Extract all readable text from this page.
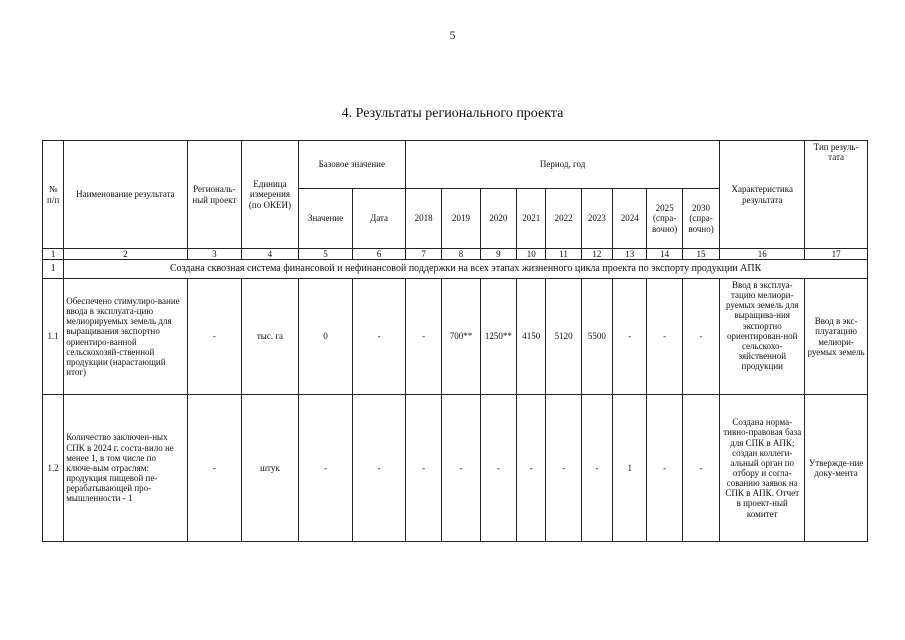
5
4. Результаты регионального проекта
№ п/п	Наименование результата	Региональ-ный проект	Единица измерения (по ОКЕИ)	Базовое значение		Период, год									Характеристика результата	Тип резуль-тата
				Значение	Дата	2018	2019	2020	2021	2022	2023	2024	2025 (спра-вочно)	2030 (спра-вочно)		
1	2	3	4	5	6	7	8	9	10	11	12	13	14	15	16	17
1	Создана сквозная система финансовой и нефинансовой поддержки на всех этапах жизненного цикла проекта по экспорту продукции АПК															
1.1	Обеспечено стимулиро-вание ввода в эксплуата-цию мелиорируемых земель для выращивания экспортно ориентиро-ванной сельскохозяй-ственной продукции (нарастающий итог)	-	тыс. га	0	-	-	700**	1250**	4150	5120	5500	-	-	-	Ввод в эксплуа-тацию мелиори-руемых земель для выращива-ния экспортно ориентирован-ной сельскохо-зяйственной продукции	Ввод в экс-плуатацию мелиори-руемых земель
1.2	Количество заключен-ных СПК в 2024 г. соста-вило не менее 1, в том числе по ключе-вым отраслям: продукция пищевой пе-рерабатывающей про-мышленности - 1	-	штук	-	-	-	-	-	-	-	-	1	-	-	Создана норма-тивно-правовая база для СПК в АПК; создан коллеги-альный орган по отбору и согла-сованию заявок на СПК в АПК. Отчет в проект-ный комитет	Утвержде-ние доку-мента
